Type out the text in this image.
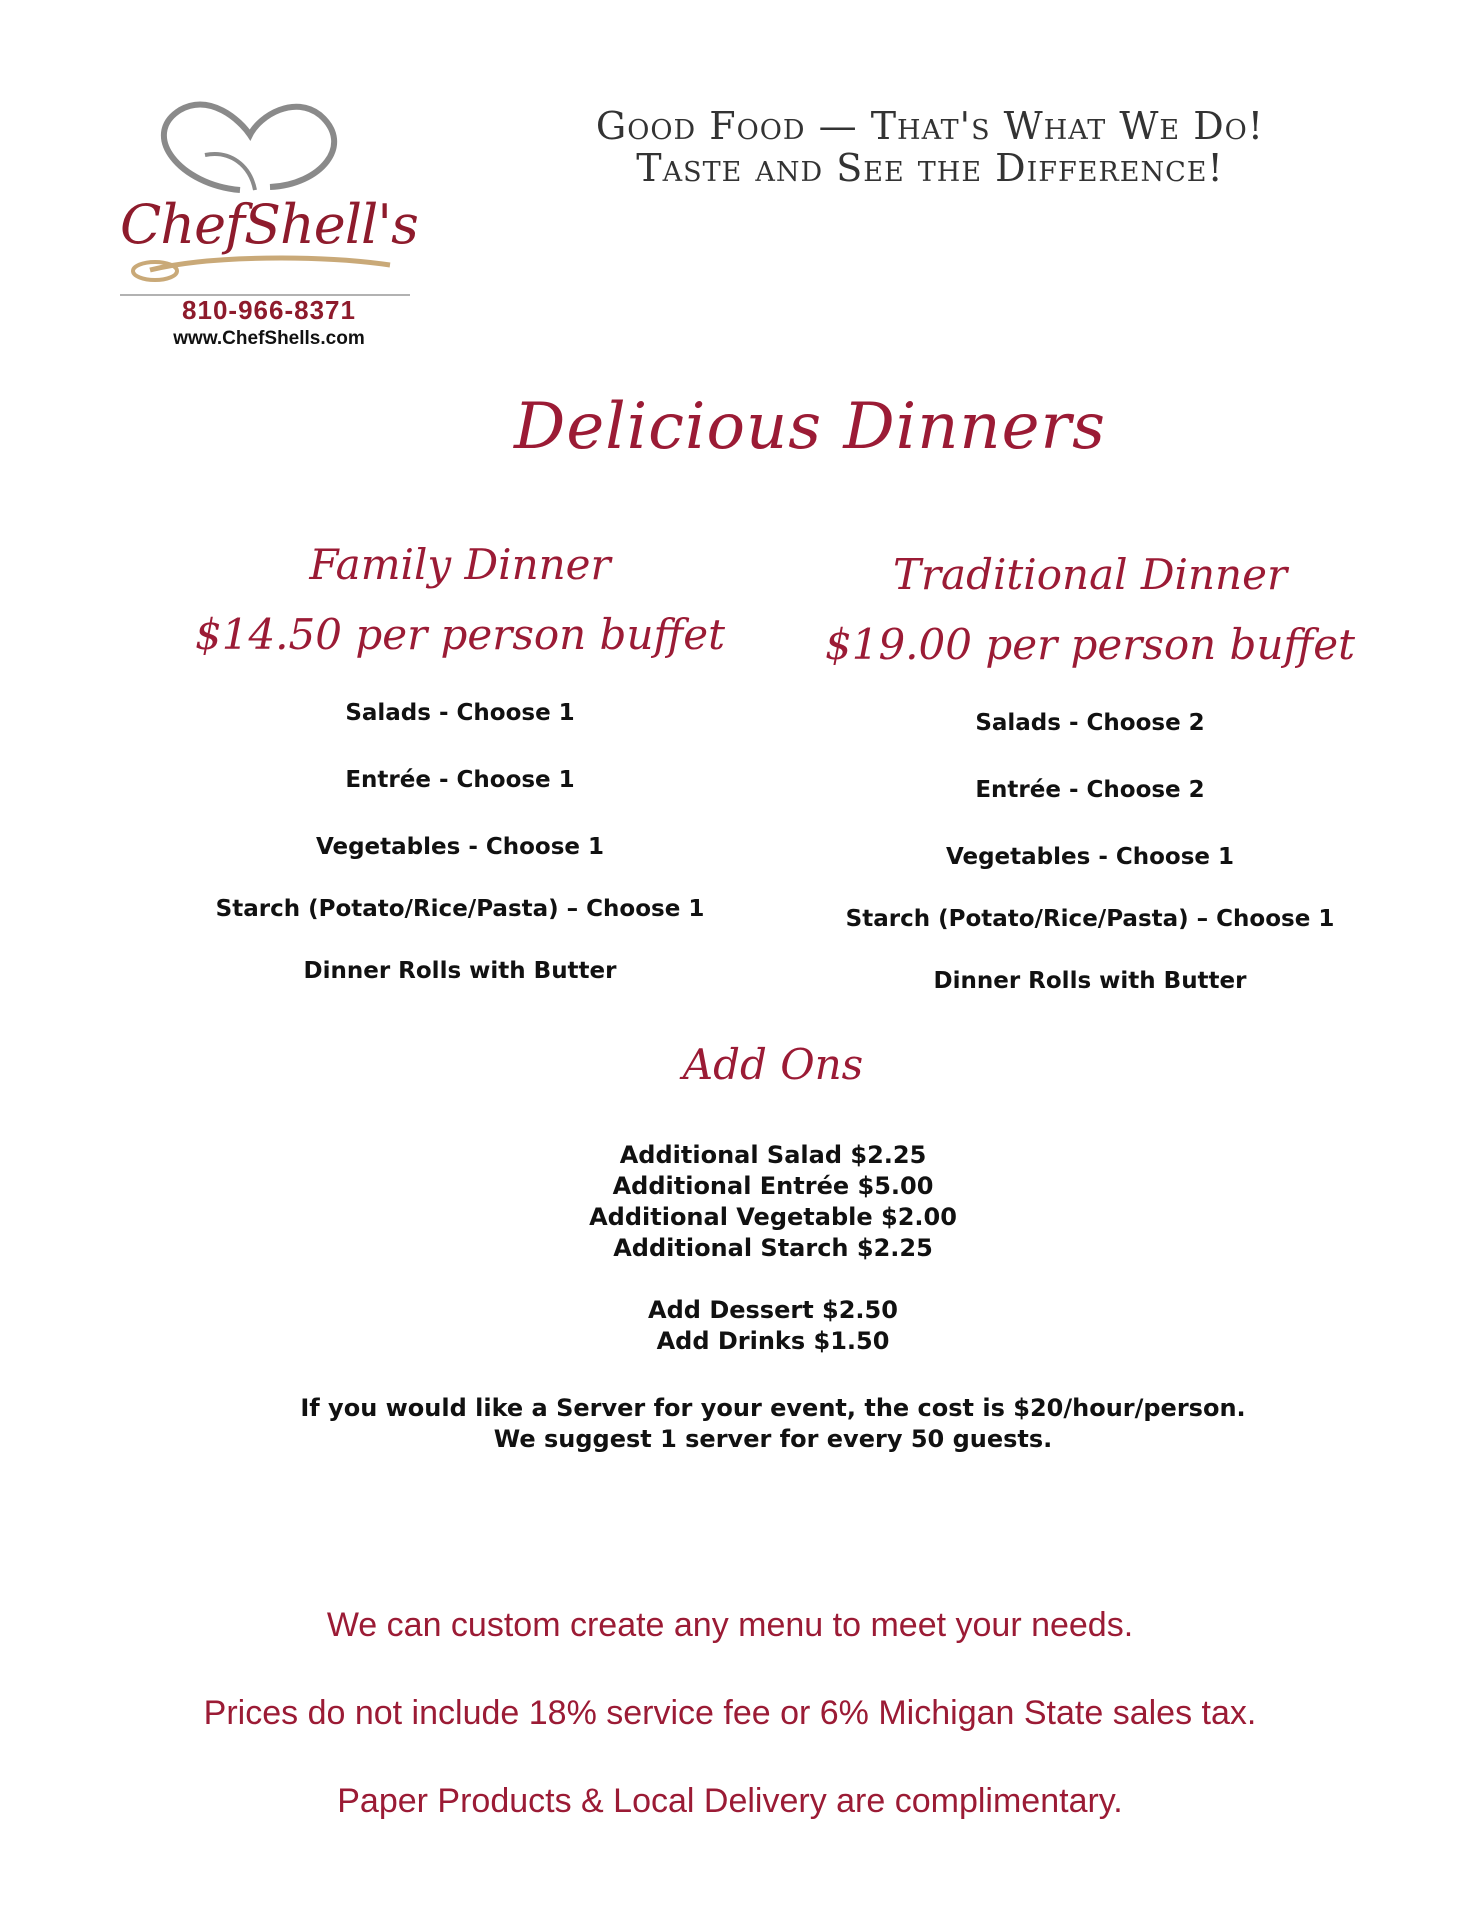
ChefShell's
810-966-8371
www.ChefShells.com
Good Food — That's What We Do!
Taste and See the Difference!
Delicious Dinners
Family Dinner
$14.50 per person buffet
Salads - Choose 1
Entrée - Choose 1
Vegetables - Choose 1
Starch (Potato/Rice/Pasta) – Choose 1
Dinner Rolls with Butter
Traditional Dinner
$19.00 per person buffet
Salads - Choose 2
Entrée - Choose 2
Vegetables - Choose 1
Starch (Potato/Rice/Pasta) – Choose 1
Dinner Rolls with Butter
Add Ons
Additional Salad $2.25
Additional Entrée $5.00
Additional Vegetable $2.00
Additional Starch $2.25
Add Dessert $2.50
Add Drinks $1.50
If you would like a Server for your event, the cost is $20/hour/person.
We suggest 1 server for every 50 guests.
We can custom create any menu to meet your needs.
Prices do not include 18% service fee or 6% Michigan State sales tax.
Paper Products & Local Delivery are complimentary.
